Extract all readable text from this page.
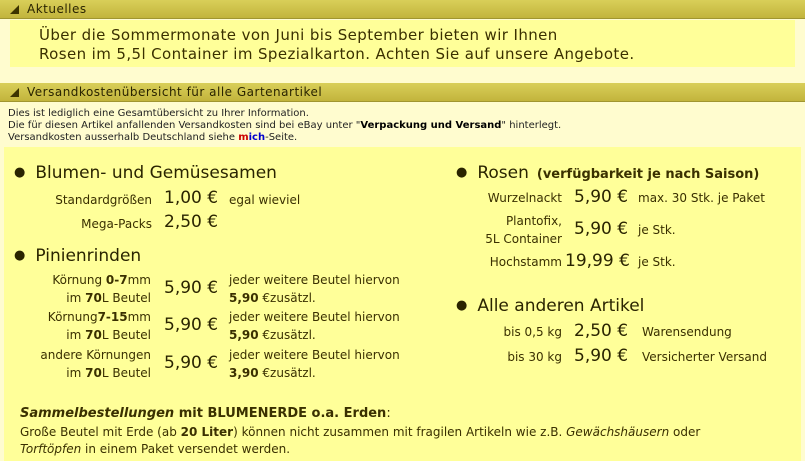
Aktuelles
Über die Sommermonate von Juni bis September bieten wir Ihnen
Rosen im 5,5l Container im Spezialkarton. Achten Sie auf unsere Angebote.
Versandkostenübersicht für alle Gartenartikel
Dies ist lediglich eine Gesamtübersicht zu Ihrer Information.
Die für diesen Artikel anfallenden Versandkosten sind bei eBay unter "Verpackung und Versand" hinterlegt.
Versandkosten ausserhalb Deutschland siehe mich-Seite.
● Blumen- und Gemüsesamen
Standardgrößen 1,00 € egal wieviel
Mega-Packs 2,50 €
● Pinienrinden
Körnung 0-7mm
im 70L Beutel 5,90 € jeder weitere Beutel hiervon
5,90 €zusätzl.
Körnung7-15mm
im 70L Beutel 5,90 € jeder weitere Beutel hiervon
5,90 €zusätzl.
andere Körnungen
im 70L Beutel 5,90 € jeder weitere Beutel hiervon
3,90 €zusätzl.
● Rosen (verfügbarkeit je nach Saison)
Wurzelnackt 5,90 € max. 30 Stk. je Paket
Plantofix,
5L Container 5,90 € je Stk.
Hochstamm 19,99 € je Stk.
● Alle anderen Artikel
bis 0,5 kg 2,50 € Warensendung
bis 30 kg 5,90 € Versicherter Versand
Sammelbestellungen mit BLUMENERDE o.a. Erden:
Große Beutel mit Erde (ab 20 Liter) können nicht zusammen mit fragilen Artikeln wie z.B. Gewächshäusern oder
Torftöpfen in einem Paket versendet werden.
